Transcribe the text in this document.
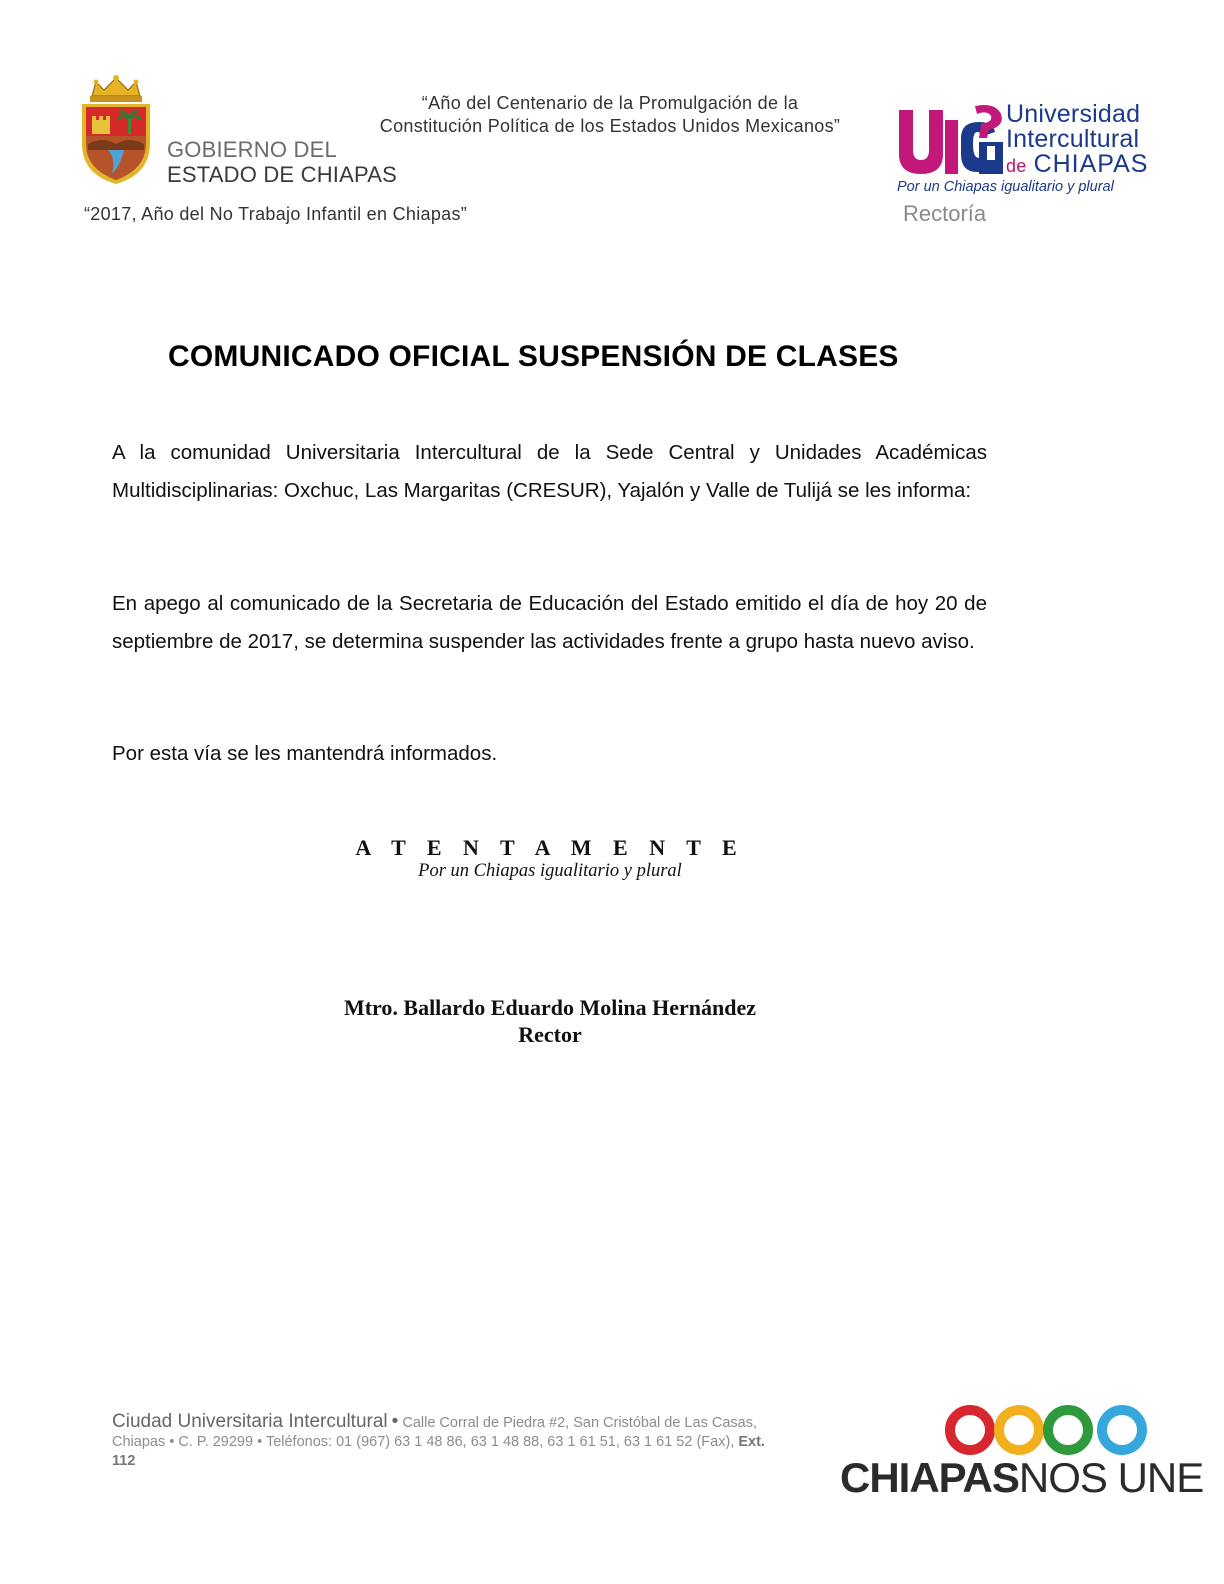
GOBIERNO DEL
ESTADO DE CHIAPAS
“2017, Año del No Trabajo Infantil en Chiapas”
“Año del Centenario de la Promulgación de la
Constitución Política de los Estados Unidos Mexicanos”	Universidad
Intercultural
de CHIAPAS
Por un Chiapas igualitario y plural
Rectoría
COMUNICADO OFICIAL SUSPENSIÓN DE CLASES
A la comunidad Universitaria Intercultural de la Sede Central y Unidades Académicas Multidisciplinarias: Oxchuc, Las Margaritas (CRESUR), Yajalón y Valle de Tulijá se les informa:
En apego al comunicado de la Secretaria de Educación del Estado emitido el día de hoy 20 de septiembre de 2017, se determina suspender las actividades frente a grupo hasta nuevo aviso.
Por esta vía se les mantendrá informados.
A T E N T A M E N T E
Por un Chiapas igualitario y plural
Mtro. Ballardo Eduardo Molina Hernández
Rector
Ciudad Universitaria Intercultural • Calle Corral de Piedra #2, San Cristóbal de Las Casas, Chiapas • C. P. 29299 • Teléfonos: 01 (967) 63 1 48 86, 63 1 48 88, 63 1 61 51, 63 1 61 52 (Fax), Ext. 112	CHIAPASNOS UNE
